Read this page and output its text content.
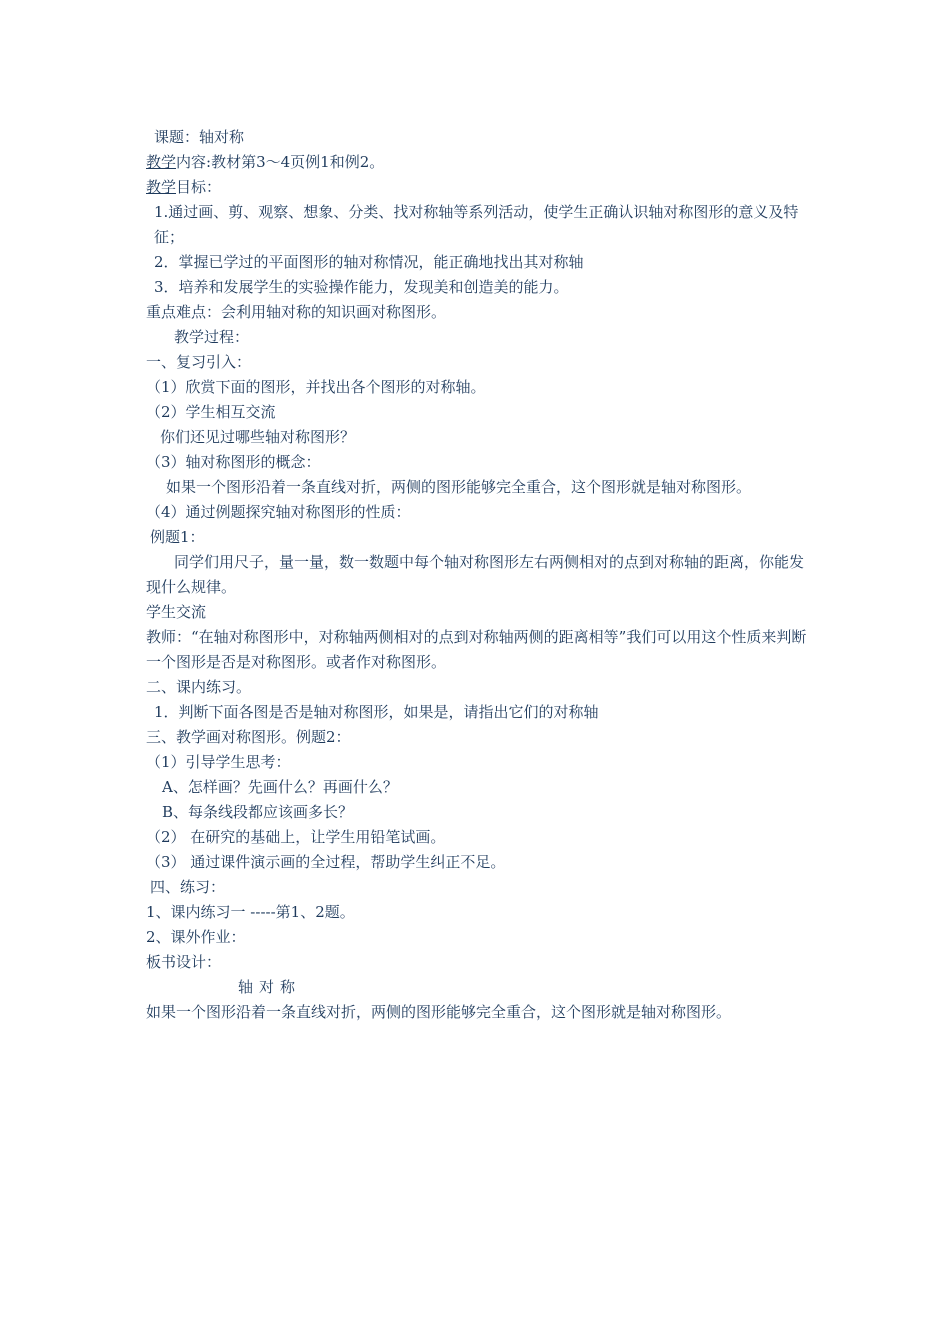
课题：轴对称
教学内容:教材第3～4页例1和例2。
教学目标：
1.通过画、剪、观察、想象、分类、找对称轴等系列活动，使学生正确认识轴对称图形的意义及特征；
2．掌握已学过的平面图形的轴对称情况，能正确地找出其对称轴
3．培养和发展学生的实验操作能力，发现美和创造美的能力。
重点难点：会利用轴对称的知识画对称图形。
教学过程：
一、复习引入：
（1）欣赏下面的图形，并找出各个图形的对称轴。
（2）学生相互交流
你们还见过哪些轴对称图形？
（3）轴对称图形的概念：
如果一个图形沿着一条直线对折，两侧的图形能够完全重合，这个图形就是轴对称图形。
（4）通过例题探究轴对称图形的性质：
例题1：
同学们用尺子，量一量，数一数题中每个轴对称图形左右两侧相对的点到对称轴的距离，你能发现什么规律。
学生交流
教师：“在轴对称图形中，对称轴两侧相对的点到对称轴两侧的距离相等”我们可以用这个性质来判断一个图形是否是对称图形。或者作对称图形。
二、课内练习。
1．判断下面各图是否是轴对称图形，如果是，请指出它们的对称轴
三、教学画对称图形。例题2：
（1）引导学生思考：
A、怎样画？先画什么？再画什么？
B、每条线段都应该画多长？
（2） 在研究的基础上，让学生用铅笔试画。
（3） 通过课件演示画的全过程，帮助学生纠正不足。
四、练习：
1、课内练习一 -----第1、2题。
2、课外作业：
板书设计：
轴对称
如果一个图形沿着一条直线对折，两侧的图形能够完全重合，这个图形就是轴对称图形。
